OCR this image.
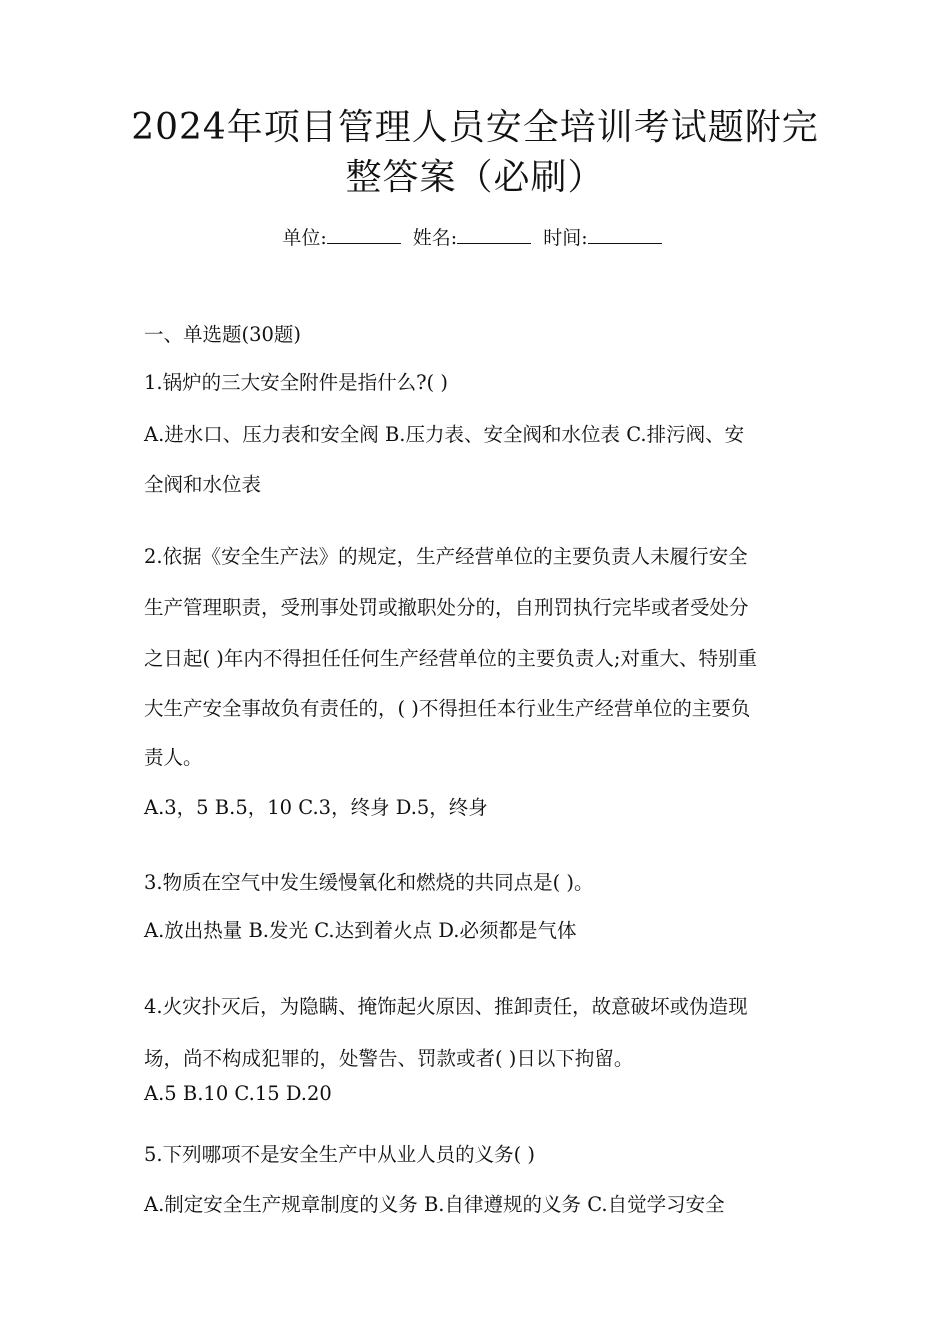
2024年项目管理人员安全培训考试题附完
整答案（必刷）
单位:	姓名:	时间:
一、单选题(30题)
1.锅炉的三大安全附件是指什么?( )
A.进水口、压力表和安全阀 B.压力表、安全阀和水位表 C.排污阀、安
全阀和水位表
2.依据《安全生产法》的规定，生产经营单位的主要负责人未履行安全
生产管理职责，受刑事处罚或撤职处分的，自刑罚执行完毕或者受处分
之日起( )年内不得担任任何生产经营单位的主要负责人;对重大、特别重
大生产安全事故负有责任的，( )不得担任本行业生产经营单位的主要负
责人。
A.3，5 B.5，10 C.3，终身 D.5，终身
3.物质在空气中发生缓慢氧化和燃烧的共同点是( )。
A.放出热量 B.发光 C.达到着火点 D.必须都是气体
4.火灾扑灭后，为隐瞒、掩饰起火原因、推卸责任，故意破坏或伪造现
场，尚不构成犯罪的，处警告、罚款或者( )日以下拘留。
A.5 B.10 C.15 D.20
5.下列哪项不是安全生产中从业人员的义务( )
A.制定安全生产规章制度的义务 B.自律遵规的义务 C.自觉学习安全
